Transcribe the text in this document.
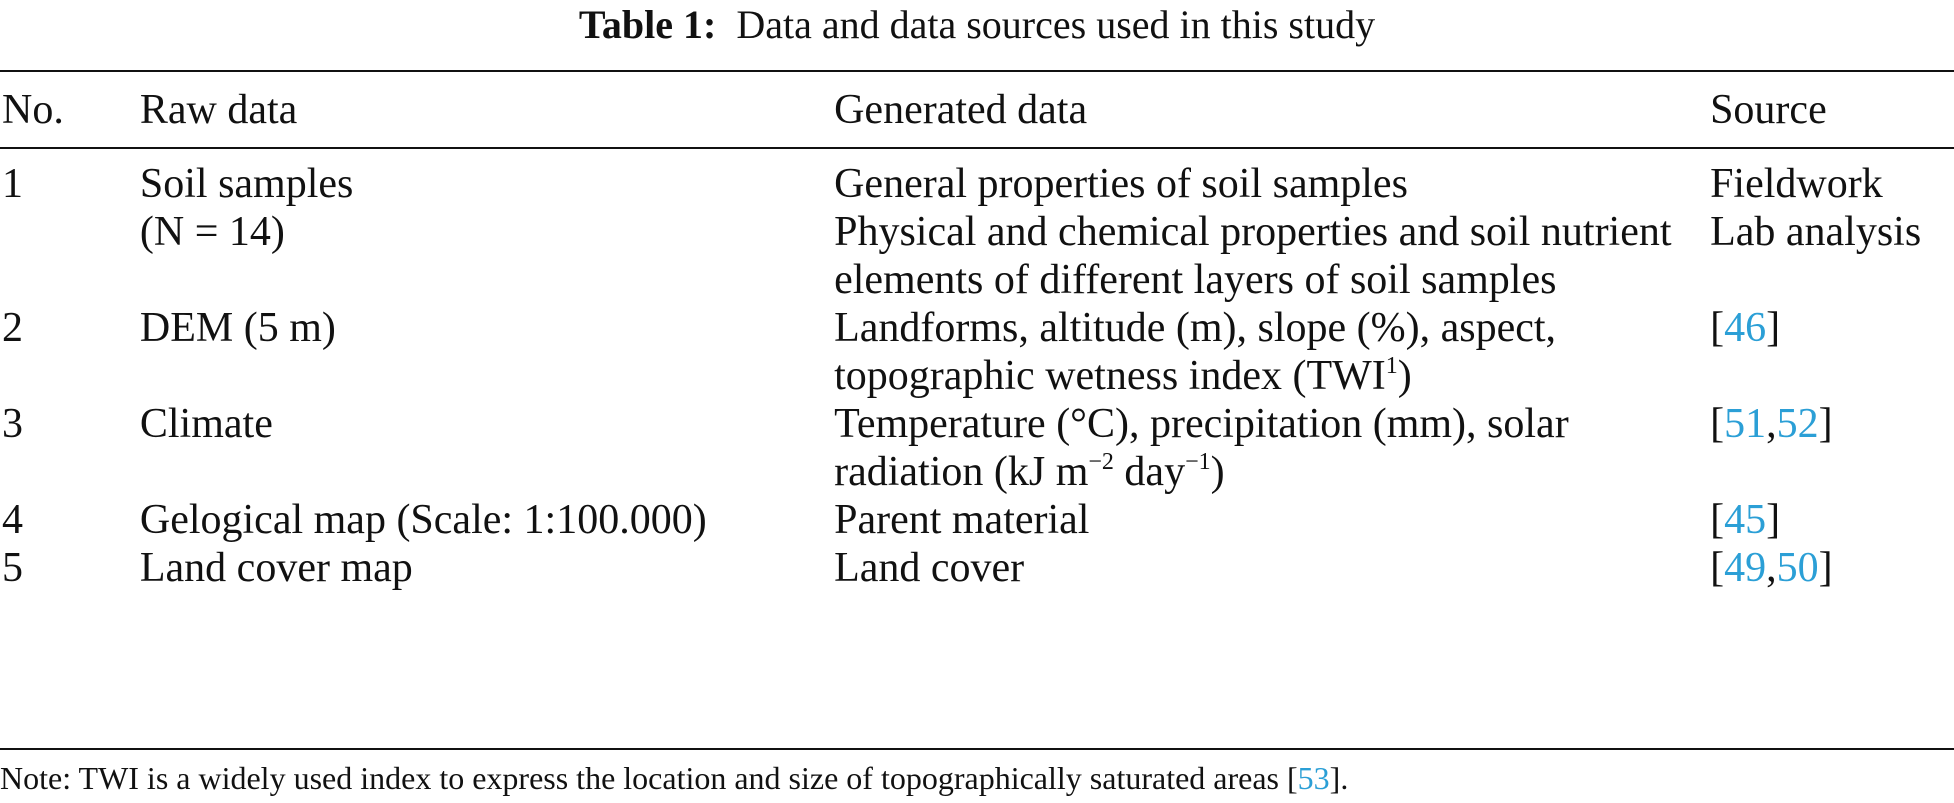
Table 1: Data and data sources used in this study
No.	Raw data	Generated data	Source
1	Soil samples	General properties of soil samples	Fieldwork
	(N = 14)	Physical and chemical properties and soil nutrient elements of different layers of soil samples	Lab analysis
2	DEM (5 m)	Landforms, altitude (m), slope (%), aspect, topographic wetness index (TWI$^1$)	[46]
3	Climate	Temperature (°C), precipitation (mm), solar radiation (kJ $m^{-2}$ day$^{-1}$)	[51,52]
4	Gelogical map (Scale: 1:100.000)	Parent material	[45]
5	Land cover map	Land cover	[49,50]
Note: TWI is a widely used index to express the location and size of topographically saturated areas [53].
